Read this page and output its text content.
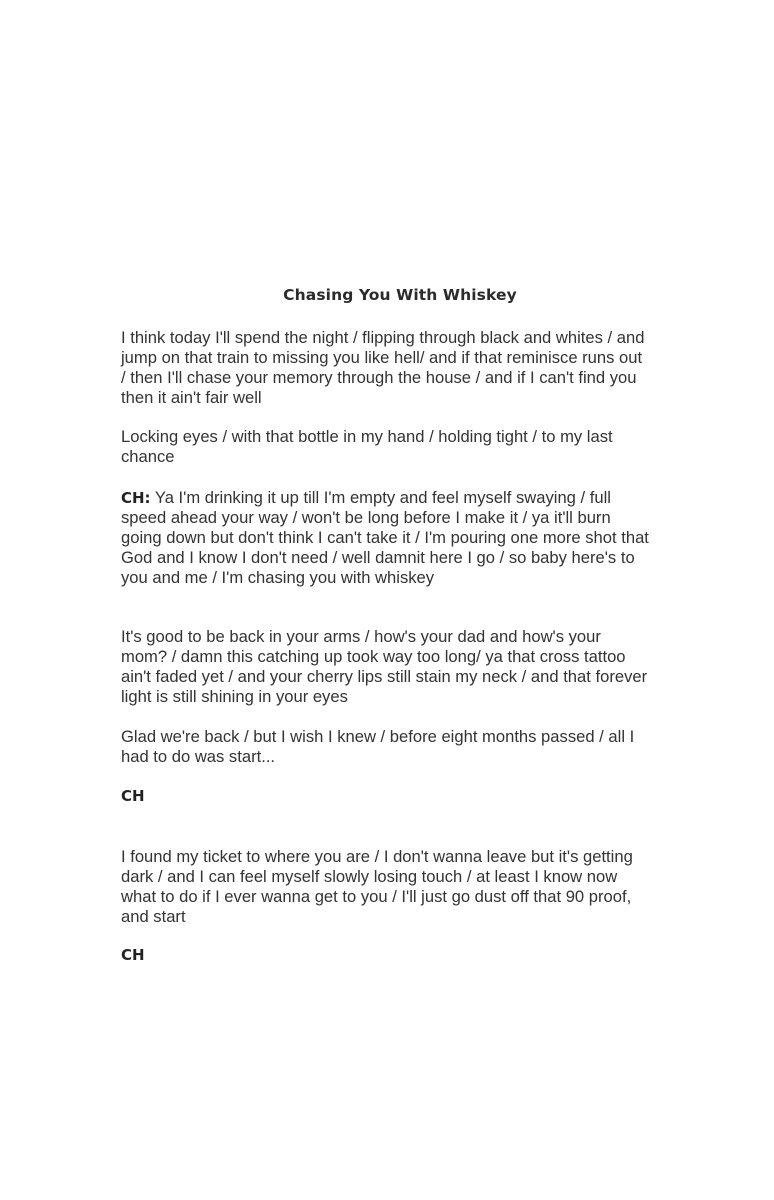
Chasing You With Whiskey

I think today I'll spend the night / flipping through black and whites / and jump on that train to missing you like hell/ and if that reminisce runs out / then I'll chase your memory through the house / and if I can't find you then it ain't fair well

Locking eyes / with that bottle in my hand / holding tight / to my last chance

CH: Ya I'm drinking it up till I'm empty and feel myself swaying / full speed ahead your way / won't be long before I make it / ya it'll burn going down but don't think I can't take it / I'm pouring one more shot that God and I know I don't need / well damnit here I go / so baby here's to you and me / I'm chasing you with whiskey

It's good to be back in your arms / how's your dad and how's your mom? / damn this catching up took way too long/ ya that cross tattoo ain't faded yet / and your cherry lips still stain my neck / and that forever light is still shining in your eyes

Glad we're back / but I wish I knew / before eight months passed / all I had to do was start...

CH

I found my ticket to where you are / I don't wanna leave but it's getting dark / and I can feel myself slowly losing touch / at least I know now what to do if I ever wanna get to you / I'll just go dust off that 90 proof, and start

CH
